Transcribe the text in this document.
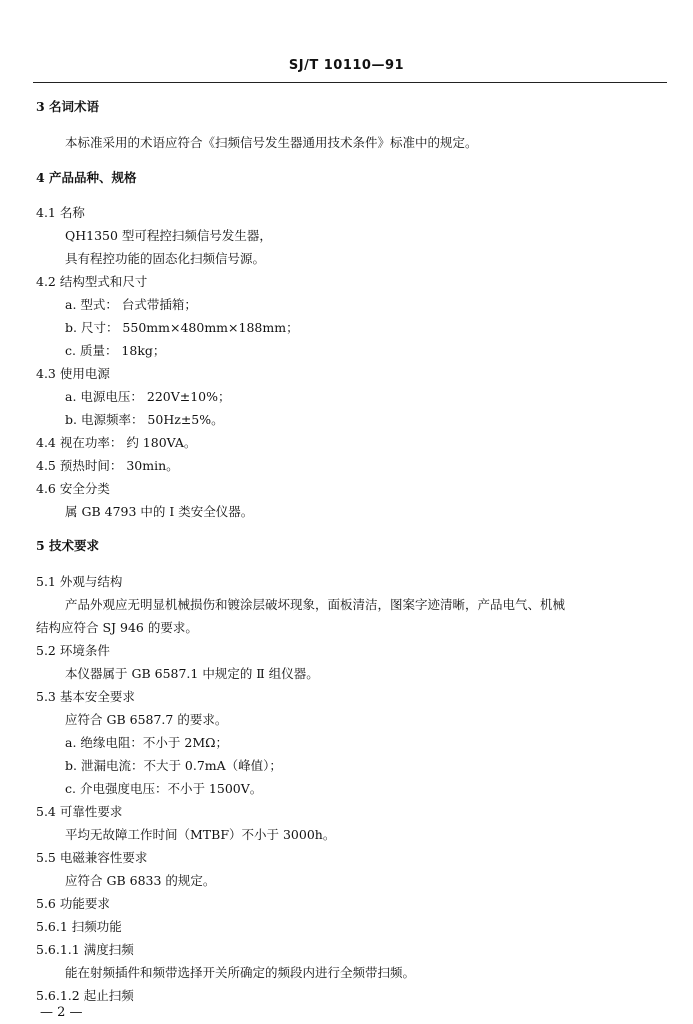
SJ/T 10110—91
3 名词术语
本标准采用的术语应符合《扫频信号发生器通用技术条件》标准中的规定。
4 产品品种、规格
4.1 名称
QH1350 型可程控扫频信号发生器，
具有程控功能的固态化扫频信号源。
4.2 结构型式和尺寸
a. 型式： 台式带插箱；
b. 尺寸： 550mm×480mm×188mm；
c. 质量： 18kg；
4.3 使用电源
a. 电源电压： 220V±10%；
b. 电源频率： 50Hz±5%。
4.4 视在功率： 约 180VA。
4.5 预热时间： 30min。
4.6 安全分类
属 GB 4793 中的 I 类安全仪器。
5 技术要求
5.1 外观与结构
产品外观应无明显机械损伤和镀涂层破坏现象，面板清洁，图案字迹清晰，产品电气、机械
结构应符合 SJ 946 的要求。
5.2 环境条件
本仪器属于 GB 6587.1 中规定的 Ⅱ 组仪器。
5.3 基本安全要求
应符合 GB 6587.7 的要求。
a. 绝缘电阻：不小于 2MΩ；
b. 泄漏电流：不大于 0.7mA（峰值）；
c. 介电强度电压：不小于 1500V。
5.4 可靠性要求
平均无故障工作时间（MTBF）不小于 3000h。
5.5 电磁兼容性要求
应符合 GB 6833 的规定。
5.6 功能要求
5.6.1 扫频功能
5.6.1.1 满度扫频
能在射频插件和频带选择开关所确定的频段内进行全频带扫频。
5.6.1.2 起止扫频
— 2 —
